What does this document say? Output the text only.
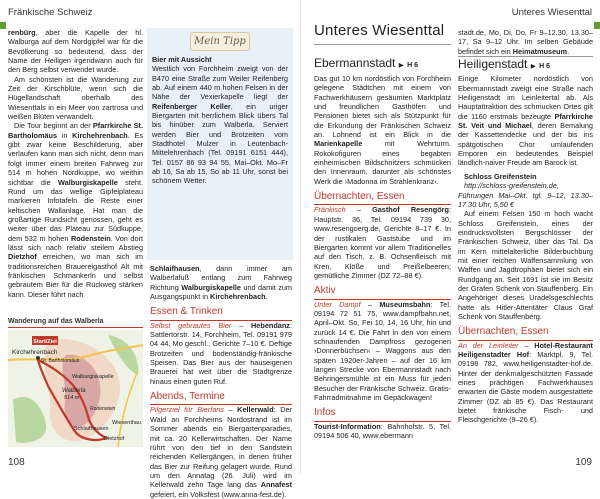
Fränkische Schweiz

renbürg, aber die Kapelle der hl. Walburga auf dem Nordgipfel war für die Bevölkerung so bedeutend, dass der Name der Heiligen irgendwann auch für den Berg selbst verwendet wurde.

Am schönsten ist die Wanderung zur Zeit der Kirschblüte, wenn sich die Hügellandschaft oberhalb des Wiesenttals in ein Meer von zartrosa und weißen Blüten verwandelt.

Die Tour beginnt an der Pfarrkirche St. Bartholomäus in Kirchehrenbach. Es gibt zwar keine Beschilderung, aber verlaufen kann man sich nicht, denn man folgt immer einem breiten Fahrweg zur 514 m hohen Nordkuppe, wo weithin sichtbar die Walburgiskapelle steht. Rund um das wellige Gipfelplateau markieren Infotafeln die Reste einer keltischen Wallanlage. Hat man die großartige Rundsicht genossen, geht es weiter über das Plateau zur Südkuppe, dem 532 m hohen Rodenstein. Von dort lässt sich nach relativ steilem Abstieg Dietzhof erreichen, wo man sich im traditionsreichen Brauereigasthof Alt mit fränkischen Schmankerln und selbst gebrautem Bier für die Rückweg stärken kann. Dieser führt nach

Mein Tipp

Bier mit Aussicht

Westlich von Forchheim zweigt von der B470 eine Straße zum Weiler Reifenberg ab. Auf einem 440 m hohen Felsen in der Nähe der Vexierkapelle liegt der Reifenberger Keller, ein uriger Biergarten mit herrlichem Blick übers Tal bis hinüber zum Walberla. Serviert werden Bier und Brotzeiten vom Stadthotel Mulzer in Leutenbach-Mittelehrenbach (Tel. 09191 6151 444), Tel. 0157 86 93 94 55, Mai–Okt. Mo–Fr ab 16, Sa ab 15, So ab 11 Uhr, sonst bei schönem Wetter.

Schlaifhausen, dann immer am Walberlafuß entlang zum Fahrweg Richtung Walburgiskapelle und damit zum Ausgangspunkt in Kirchehrenbach.

Essen & Trinken

Selbst gebrautes Bier – Hebendanz: Sattlertorstr. 14, Forchheim, Tel. 09191 979 04 44, Mo geschl., Gerichte 7–10 €. Deftige Brotzeiten und bodenständig-fränkische Speisen. Das Bier aus der hauseigenen Brauerei hat weit über die Stadtgrenze hinaus einen guten Ruf.

Abends, Termine

Pilgerziel für Bierfans – Kellerwald: Der Wald an Forchheims Nordostrand ist im Sommer abends ein Biergartenparadies, mit ca. 20 Kellerwirtschaften. Der Name rührt von den tief in den Sandstein reichenden Kellergängen, in denen früher das Bier zur Reifung gelagert wurde. Rund um den Annatag (26. Juli) wird im Kellerwald zehn Tage lang das Annafest gefeiert, ein Volksfest (www.anna-fest.de).

Wanderung auf das Walberla
Start/Ziel
Kirchehrenbach
St. Bartholomäus
Walburgiskapelle
Walberla
514 m
Rodenstein
Schlaifhausen
Dietzhof
Wiesenthau
108
Unteres Wiesenttal
109
Unteres Wiesenttal
Ebermannstadt ▶ H 6

Das gut 10 km nordöstlich von Forchheim gelegene Städtchen mit einem von Fachwerkhäusern gesäumten Marktplatz und freundlichen Gasthöfen und Pensionen bietet sich als Stützpunkt für die Erkundung der Fränkischen Schweiz an. Lohnend ist ein Blick in die Marienkapelle mit Wehrturm. Rokokofiguren eines begabten einheimischen Bildschnitzers schmücken den Innenraum, darunter als schönstes Werk die ›Madonna im Strahlenkranz‹.

Übernachten, Essen

Fränkisch – Gasthof Resengörg: Hauptstr. 36, Tel. 09194 739 30, www.resengoerg.de, Gerichte 8–17 €. In der rustikalen Gaststube und im Biergarten kommt vor allem Traditionelles auf den Tisch, z. B. Ochsenfleisch mit Kren, Klöße und Preißelbeeren; gemütliche Zimmer (DZ 72–88 €).

Aktiv

Unter Dampf – Museumsbahn: Tel. 09194 72 51 75, www.dampfbahn.net, April–Okt. So, Fei 10, 14, 16 Uhr, hin und zurück 14 €. Die Fahrt in den von einem schnaufenden Dampfross gezogenen ›Donnerbüchsen‹ – Waggons aus den späten 1920er-Jahren – auf der 16 km langen Strecke von Ebermannstadt nach Behringersmühle ist ein Muss für jeden Besucher der Fränkische Schweiz. Gratis-Fahrradmitnahme im Gepäckwagen!

Infos

Tourist-Information: Bahnhofstr. 5, Tel. 09194 506 40, www.ebermann

stadt.de, Mo, Di, Do, Fr 9–12.30, 13.30–17, Sa 9–12 Uhr. Im selben Gebäude befindet sich ein Heimatmuseum.

Heiligenstadt ▶ H 6

Einige Kilometer nordöstlich von Ebermannstadt zweigt eine Straße nach Heiligenstadt im Leinleitertal ab. Als Hauptattraktion des schmucken Ortes gilt die 1160 erstmals bezeugte Pfarrkirche St. Veit und Michael, deren Bemalung der Kassettendecke und der bis ins spätgotischen Chor umlaufenden Emporen ein bedeutendes Beispiel ländlich-naiver Freude am Barock ist.

Schloss Greifenstein

http://schloss-greifenstein.de, Führungen Mai–Okt. tgl. 9–12, 13.30–17.30 Uhr, 5,50 €

Auf einem Felsen 150 m hoch wacht Schloss Greifenstein, eines der eindrucksvollsten Bergschlösser der Fränkischen Schweiz, über das Tal. Da im Kern mittelalterliche Bilderbuchburg mit einer reichen Waffensammlung von Waffen und Jagdtrophäen bietet sich ein Rundgang an. Seit 1691 ist sie im Besitz der Grafen Schenk von Stauffenberg. Ein Angehöriger dieses Uradelsgeschlechts hatte als Hitler-Attentäter Claus Graf Schenk von Stauffenberg.

Übernachten, Essen

An der Leinleiter – Hotel-Restaurant Heiligenstadter Hof: Marktpl. 9, Tel. 09198 782, www.heiligenstadter-hof.de. Hinter der denkmalgeschützten Fassade eines prächtigen Fachwerkhauses erwarten die Gäste modern ausgestattete Zimmer (DZ ab 85 €). Das Restaurant bietet fränkische Fisch- und Fleischgerichte (9–26 €).
